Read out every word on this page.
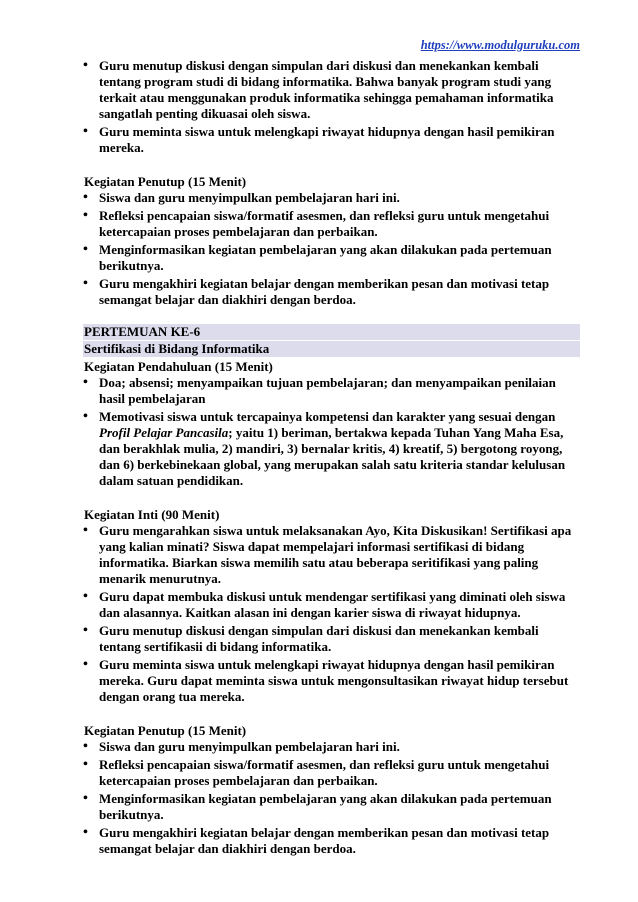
https://www.modulguruku.com
• Guru menutup diskusi dengan simpulan dari diskusi dan menekankan kembali tentang program studi di bidang informatika. Bahwa banyak program studi yang terkait atau menggunakan produk informatika sehingga pemahaman informatika sangatlah penting dikuasai oleh siswa.
• Guru meminta siswa untuk melengkapi riwayat hidupnya dengan hasil pemikiran mereka.
Kegiatan Penutup (15 Menit)
• Siswa dan guru menyimpulkan pembelajaran hari ini.
• Refleksi pencapaian siswa/formatif asesmen, dan refleksi guru untuk mengetahui ketercapaian proses pembelajaran dan perbaikan.
• Menginformasikan kegiatan pembelajaran yang akan dilakukan pada pertemuan berikutnya.
• Guru mengakhiri kegiatan belajar dengan memberikan pesan dan motivasi tetap semangat belajar dan diakhiri dengan berdoa.
PERTEMUAN KE-6
Sertifikasi di Bidang Informatika
Kegiatan Pendahuluan (15 Menit)
• Doa; absensi; menyampaikan tujuan pembelajaran; dan menyampaikan penilaian hasil pembelajaran
• Memotivasi siswa untuk tercapainya kompetensi dan karakter yang sesuai dengan Profil Pelajar Pancasila; yaitu 1) beriman, bertakwa kepada Tuhan Yang Maha Esa, dan berakhlak mulia, 2) mandiri, 3) bernalar kritis, 4) kreatif, 5) bergotong royong, dan 6) berkebinekaan global, yang merupakan salah satu kriteria standar kelulusan dalam satuan pendidikan.
Kegiatan Inti (90 Menit)
• Guru mengarahkan siswa untuk melaksanakan Ayo, Kita Diskusikan! Sertifikasi apa yang kalian minati? Siswa dapat mempelajari informasi sertifikasi di bidang informatika. Biarkan siswa memilih satu atau beberapa seritifikasi yang paling menarik menurutnya.
• Guru dapat membuka diskusi untuk mendengar sertifikasi yang diminati oleh siswa dan alasannya. Kaitkan alasan ini dengan karier siswa di riwayat hidupnya.
• Guru menutup diskusi dengan simpulan dari diskusi dan menekankan kembali tentang sertifikasii di bidang informatika.
• Guru meminta siswa untuk melengkapi riwayat hidupnya dengan hasil pemikiran mereka. Guru dapat meminta siswa untuk mengonsultasikan riwayat hidup tersebut dengan orang tua mereka.
Kegiatan Penutup (15 Menit)
• Siswa dan guru menyimpulkan pembelajaran hari ini.
• Refleksi pencapaian siswa/formatif asesmen, dan refleksi guru untuk mengetahui ketercapaian proses pembelajaran dan perbaikan.
• Menginformasikan kegiatan pembelajaran yang akan dilakukan pada pertemuan berikutnya.
• Guru mengakhiri kegiatan belajar dengan memberikan pesan dan motivasi tetap semangat belajar dan diakhiri dengan berdoa.
